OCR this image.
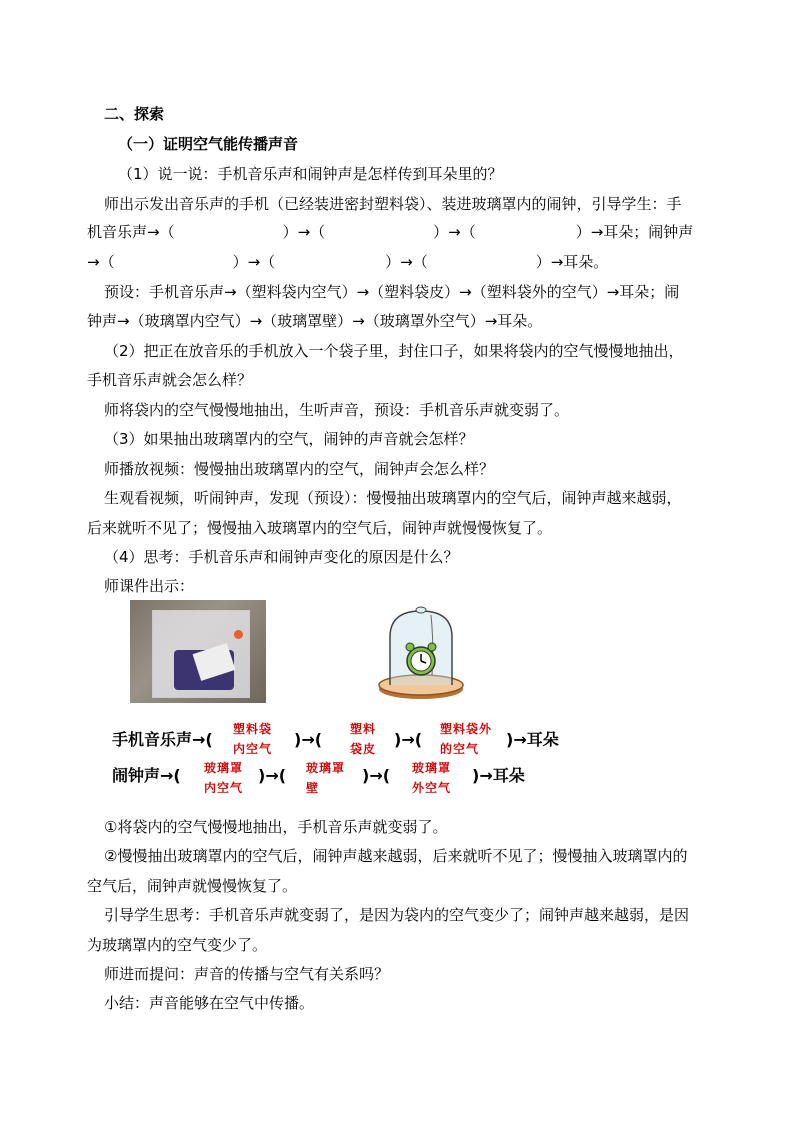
二、探索
（一）证明空气能传播声音
（1）说一说：手机音乐声和闹钟声是怎样传到耳朵里的？
师出示发出音乐声的手机（已经装进密封塑料袋）、装进玻璃罩内的闹钟，引导学生：手
机音乐声→（	）→（	）→（	）→耳朵；闹钟声
→（	）→（	）→（	）→耳朵。
预设：手机音乐声→（塑料袋内空气）→（塑料袋皮）→（塑料袋外的空气）→耳朵；闹
钟声→（玻璃罩内空气）→（玻璃罩壁）→（玻璃罩外空气）→耳朵。
（2）把正在放音乐的手机放入一个袋子里，封住口子，如果将袋内的空气慢慢地抽出，
手机音乐声就会怎么样？
师将袋内的空气慢慢地抽出，生听声音，预设：手机音乐声就变弱了。
（3）如果抽出玻璃罩内的空气，闹钟的声音就会怎样？
师播放视频：慢慢抽出玻璃罩内的空气，闹钟声会怎么样？
生观看视频，听闹钟声，发现（预设）：慢慢抽出玻璃罩内的空气后，闹钟声越来越弱，
后来就听不见了；慢慢抽入玻璃罩内的空气后，闹钟声就慢慢恢复了。
（4）思考：手机音乐声和闹钟声变化的原因是什么？
师课件出示：
手机音乐声→(
塑料袋
内空气 )→(
塑料
袋皮 )→(
塑料袋外
的空气 )→耳朵
闹钟声→( 玻璃罩
内空气
)→( 玻璃罩
壁
)→( 玻璃罩
外空气
)→耳朵
①将袋内的空气慢慢地抽出，手机音乐声就变弱了。
②慢慢抽出玻璃罩内的空气后，闹钟声越来越弱，后来就听不见了；慢慢抽入玻璃罩内的
空气后，闹钟声就慢慢恢复了。
引导学生思考：手机音乐声就变弱了，是因为袋内的空气变少了；闹钟声越来越弱，是因
为玻璃罩内的空气变少了。
师进而提问：声音的传播与空气有关系吗？
小结：声音能够在空气中传播。
